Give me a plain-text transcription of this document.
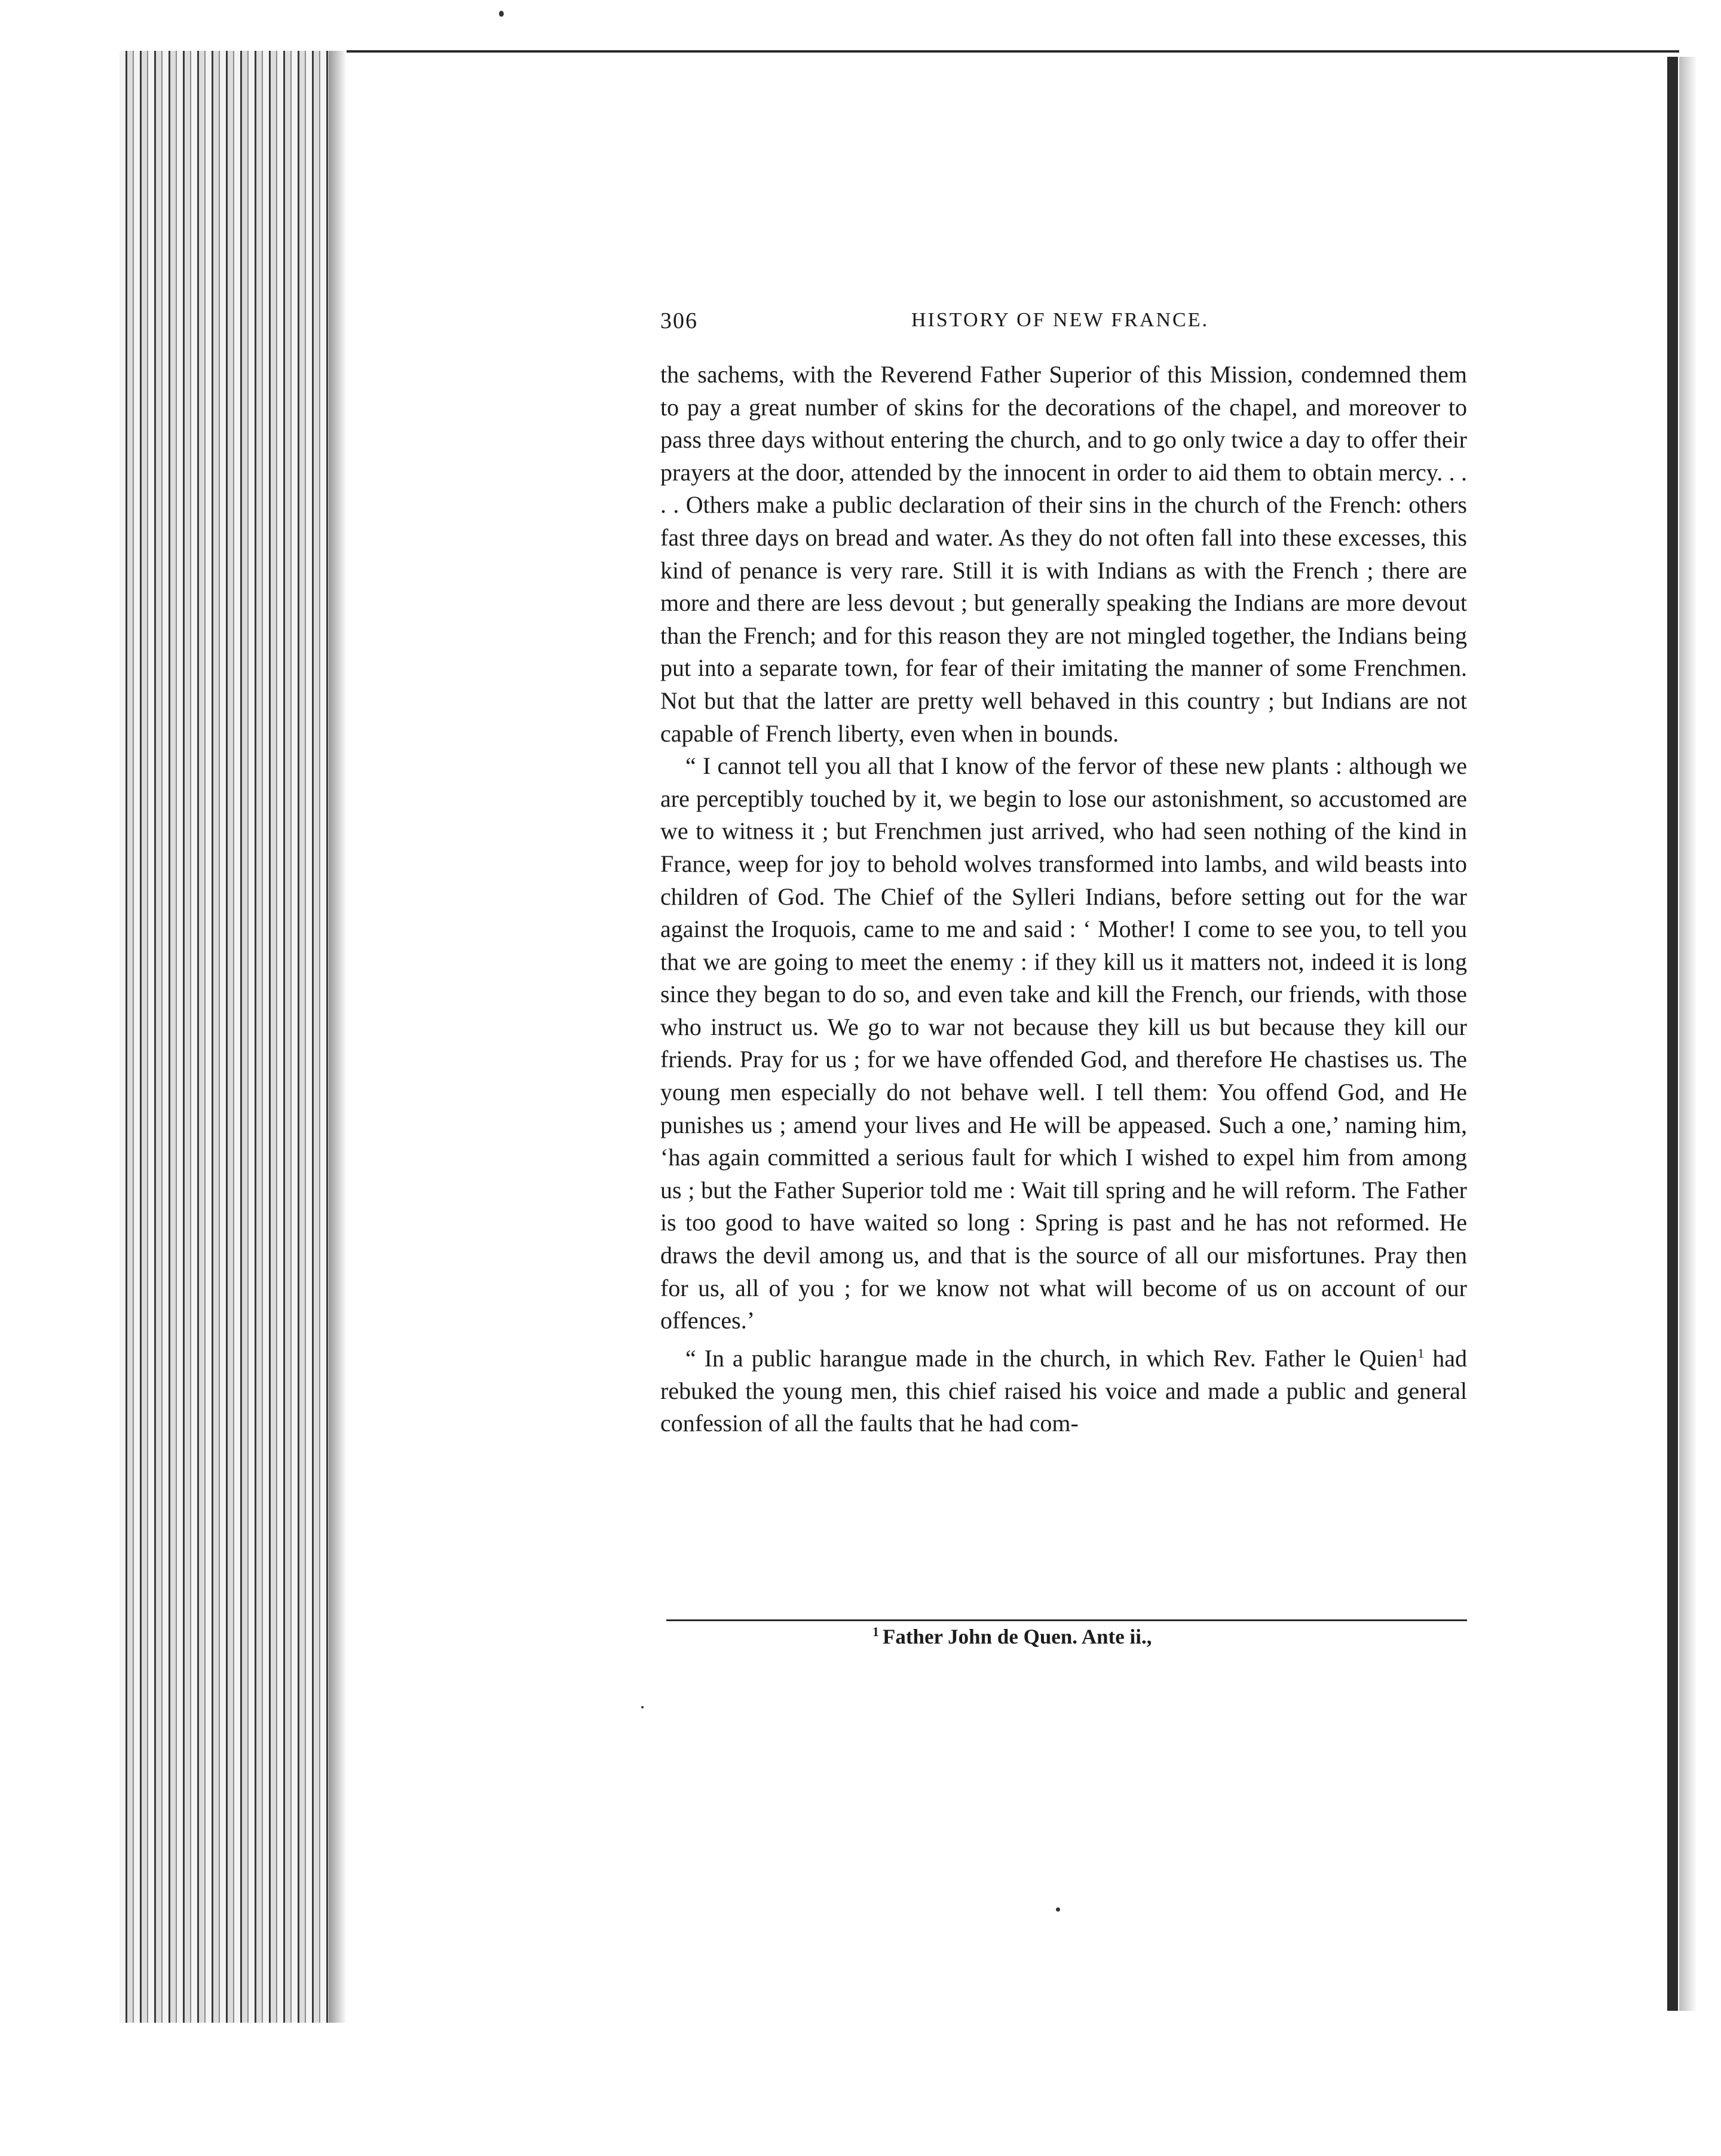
306	HISTORY OF NEW FRANCE.

the sachems, with the Reverend Father Superior of this Mission, condemned them to pay a great number of skins for the decorations of the chapel, and moreover to pass three days without entering the church, and to go only twice a day to offer their prayers at the door, attended by the innocent in order to aid them to obtain mercy. . . . . Others make a public declaration of their sins in the church of the French: others fast three days on bread and water. As they do not often fall into these excesses, this kind of penance is very rare. Still it is with Indians as with the French ; there are more and there are less devout ; but generally speaking the Indians are more devout than the French; and for this reason they are not mingled together, the Indians being put into a separate town, for fear of their imitating the manner of some Frenchmen. Not but that the latter are pretty well behaved in this country ; but Indians are not capable of French liberty, even when in bounds.

“ I cannot tell you all that I know of the fervor of these new plants : although we are perceptibly touched by it, we begin to lose our astonishment, so accustomed are we to witness it ; but Frenchmen just arrived, who had seen nothing of the kind in France, weep for joy to behold wolves transformed into lambs, and wild beasts into children of God. The Chief of the Sylleri Indians, before setting out for the war against the Iroquois, came to me and said : ‘ Mother! I come to see you, to tell you that we are going to meet the enemy : if they kill us it matters not, indeed it is long since they began to do so, and even take and kill the French, our friends, with those who instruct us. We go to war not because they kill us but because they kill our friends. Pray for us ; for we have offended God, and therefore He chastises us. The young men especially do not behave well. I tell them: You offend God, and He punishes us ; amend your lives and He will be appeased. Such a one,’ naming him, ‘has again committed a serious fault for which I wished to expel him from among us ; but the Father Superior told me : Wait till spring and he will reform. The Father is too good to have waited so long : Spring is past and he has not reformed. He draws the devil among us, and that is the source of all our misfortunes. Pray then for us, all of you ; for we know not what will become of us on account of our offences.’

“ In a public harangue made in the church, in which Rev. Father le Quien$^1$ had rebuked the young men, this chief raised his voice and made a public and general confession of all the faults that he had com-

$^1$ Father John de Quen. Ante ii.,
